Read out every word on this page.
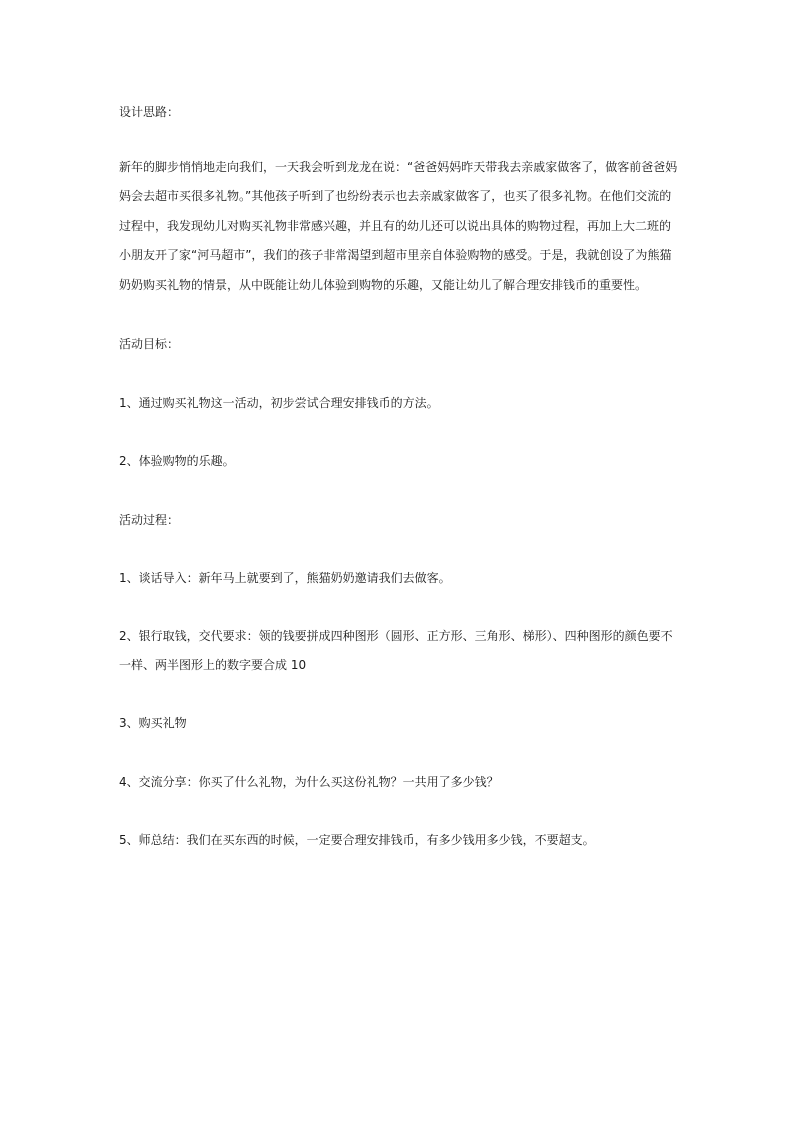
设计思路：
新年的脚步悄悄地走向我们，一天我会听到龙龙在说：“爸爸妈妈昨天带我去亲戚家做客了，做客前爸爸妈
妈会去超市买很多礼物。”其他孩子听到了也纷纷表示也去亲戚家做客了，也买了很多礼物。在他们交流的
过程中，我发现幼儿对购买礼物非常感兴趣，并且有的幼儿还可以说出具体的购物过程，再加上大二班的
小朋友开了家“河马超市”，我们的孩子非常渴望到超市里亲自体验购物的感受。于是，我就创设了为熊猫
奶奶购买礼物的情景，从中既能让幼儿体验到购物的乐趣，又能让幼儿了解合理安排钱币的重要性。
活动目标：
1、通过购买礼物这一活动，初步尝试合理安排钱币的方法。
2、体验购物的乐趣。
活动过程：
1、谈话导入：新年马上就要到了，熊猫奶奶邀请我们去做客。
2、银行取钱，交代要求：领的钱要拼成四种图形（圆形、正方形、三角形、梯形）、四种图形的颜色要不
一样、两半图形上的数字要合成 10
3、购买礼物
4、交流分享：你买了什么礼物，为什么买这份礼物？一共用了多少钱？
5、师总结：我们在买东西的时候，一定要合理安排钱币，有多少钱用多少钱，不要超支。
